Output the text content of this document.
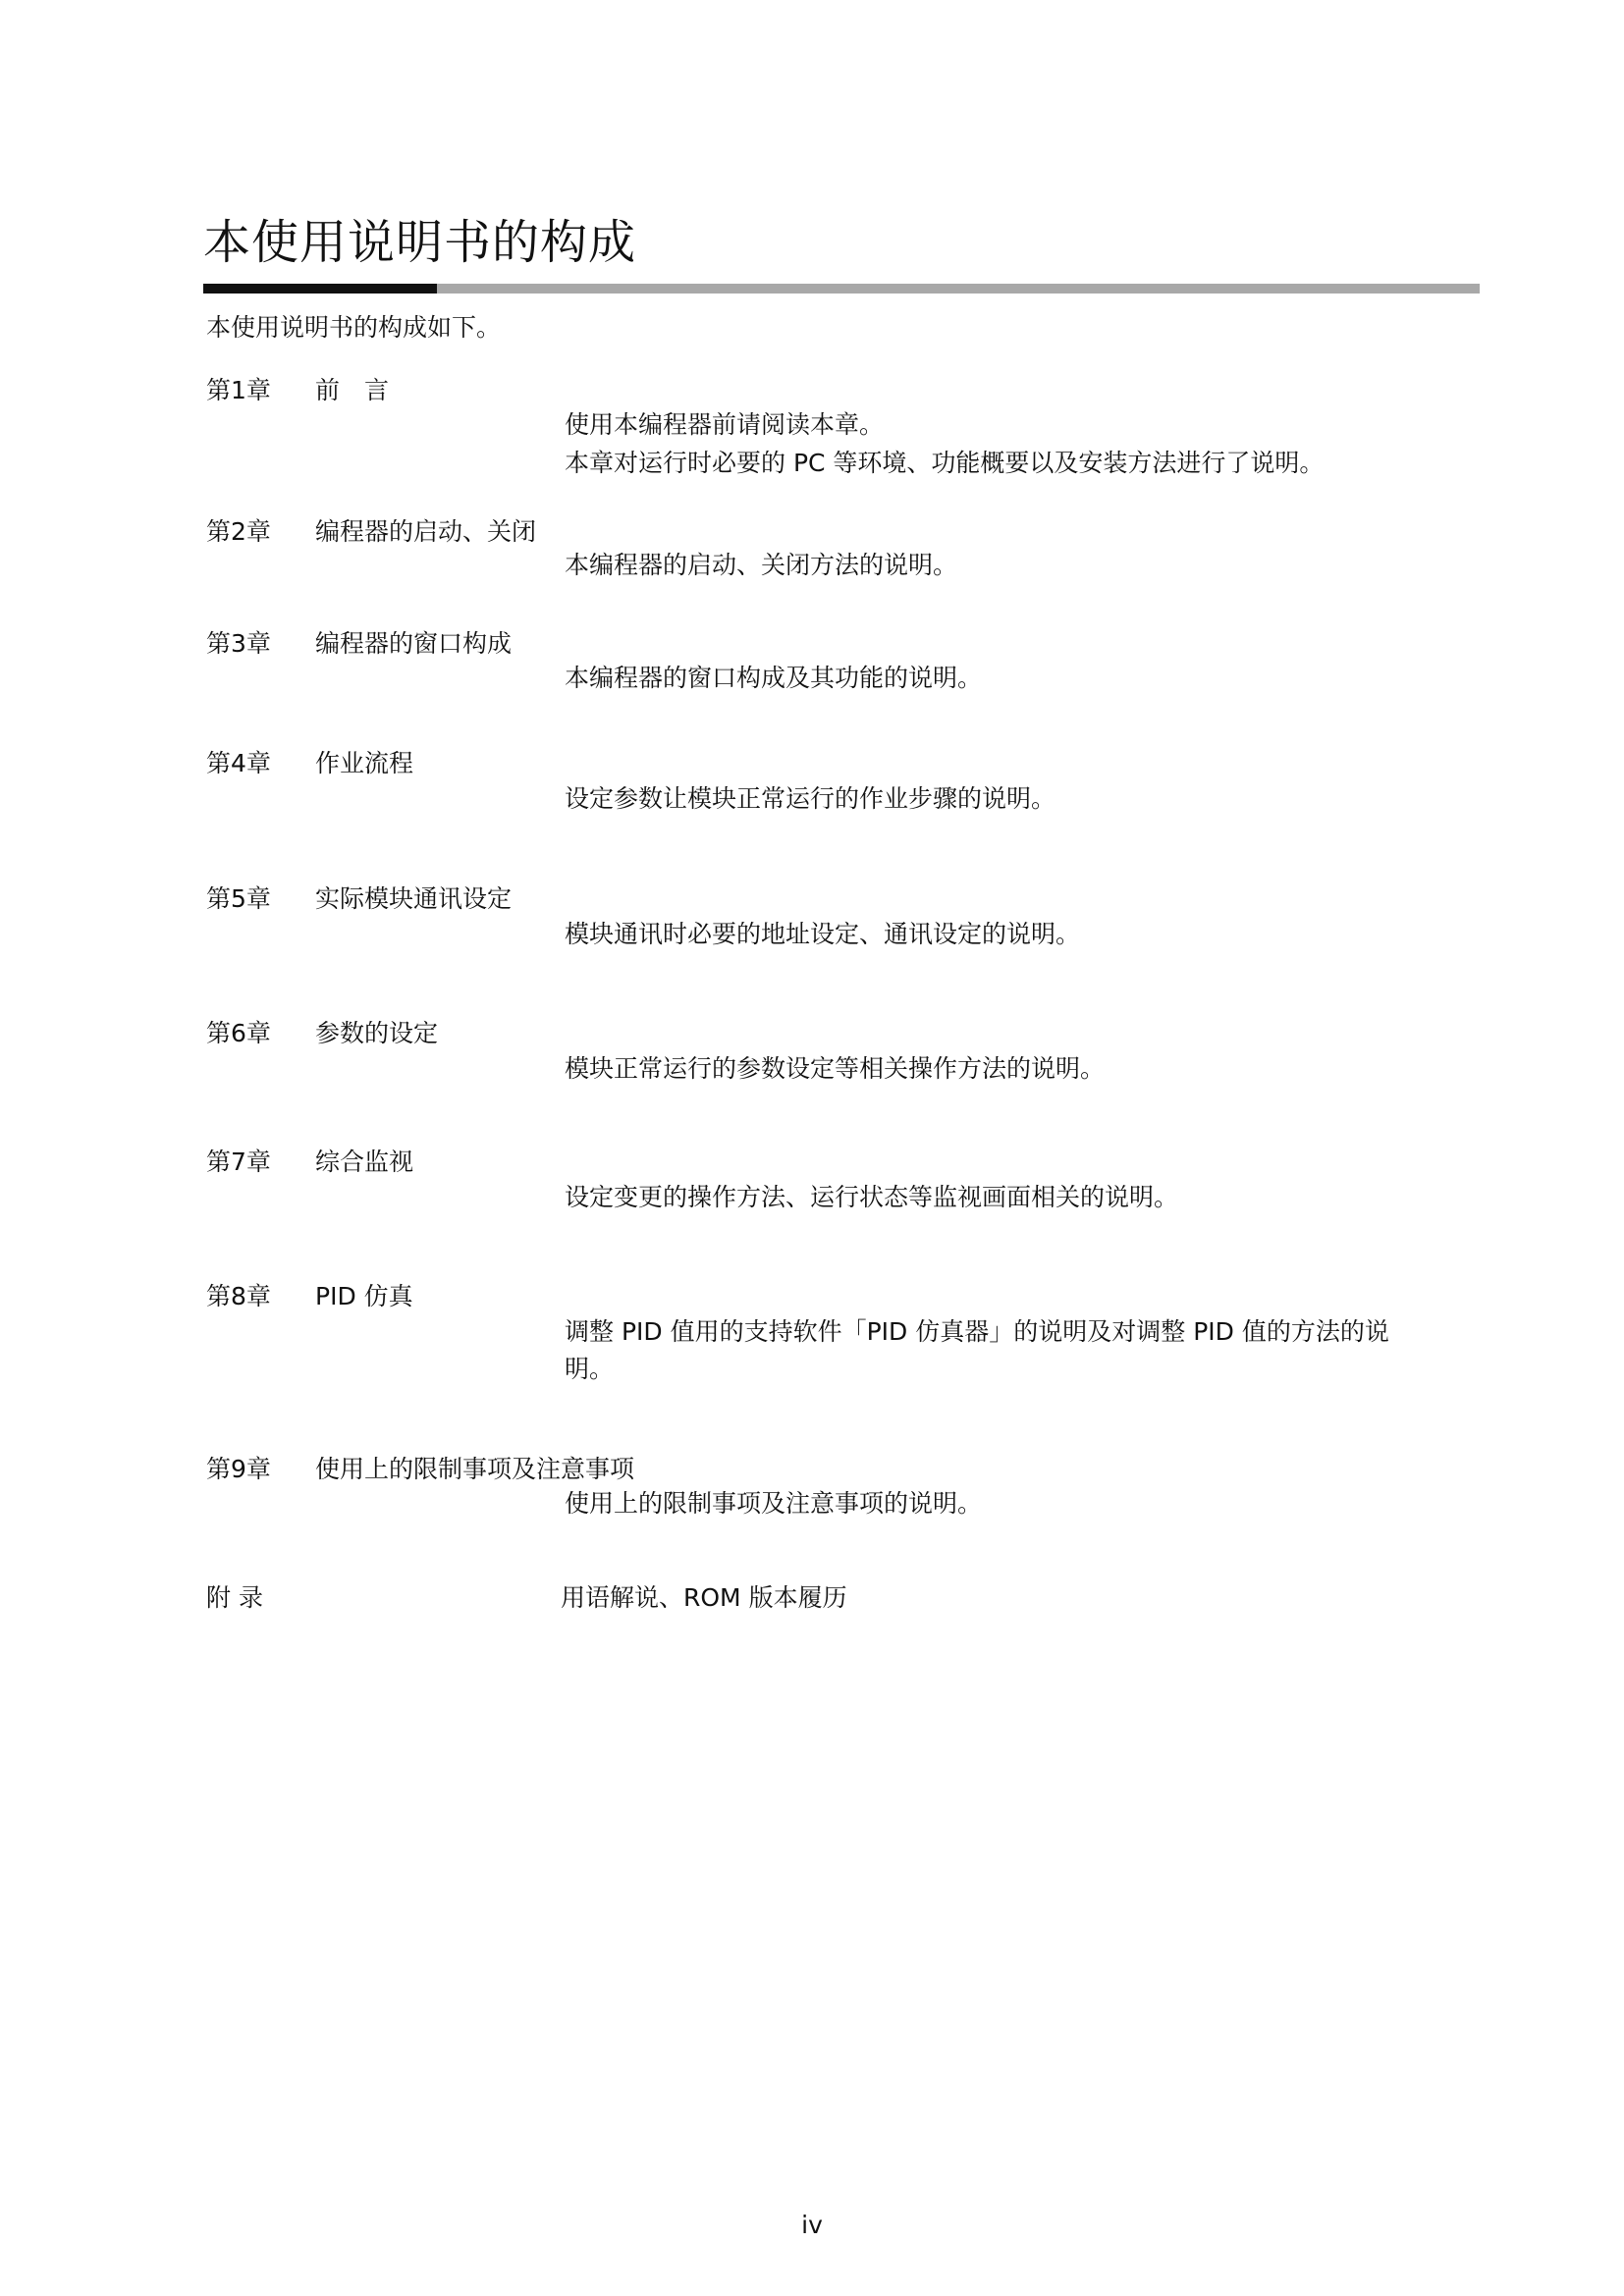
本使用说明书的构成
本使用说明书的构成如下。
第1章 前　言
使用本编程器前请阅读本章。
本章对运行时必要的 PC 等环境、功能概要以及安装方法进行了说明。
第2章 编程器的启动、关闭
本编程器的启动、关闭方法的说明。
第3章 编程器的窗口构成
本编程器的窗口构成及其功能的说明。
第4章 作业流程
设定参数让模块正常运行的作业步骤的说明。
第5章 实际模块通讯设定
模块通讯时必要的地址设定、通讯设定的说明。
第6章 参数的设定
模块正常运行的参数设定等相关操作方法的说明。
第7章 综合监视
设定变更的操作方法、运行状态等监视画面相关的说明。
第8章 PID 仿真
调整 PID 值用的支持软件「PID 仿真器」的说明及对调整 PID 值的方法的说
明。
第9章 使用上的限制事项及注意事项
使用上的限制事项及注意事项的说明。
附 录	用语解说、ROM 版本履历
iv
